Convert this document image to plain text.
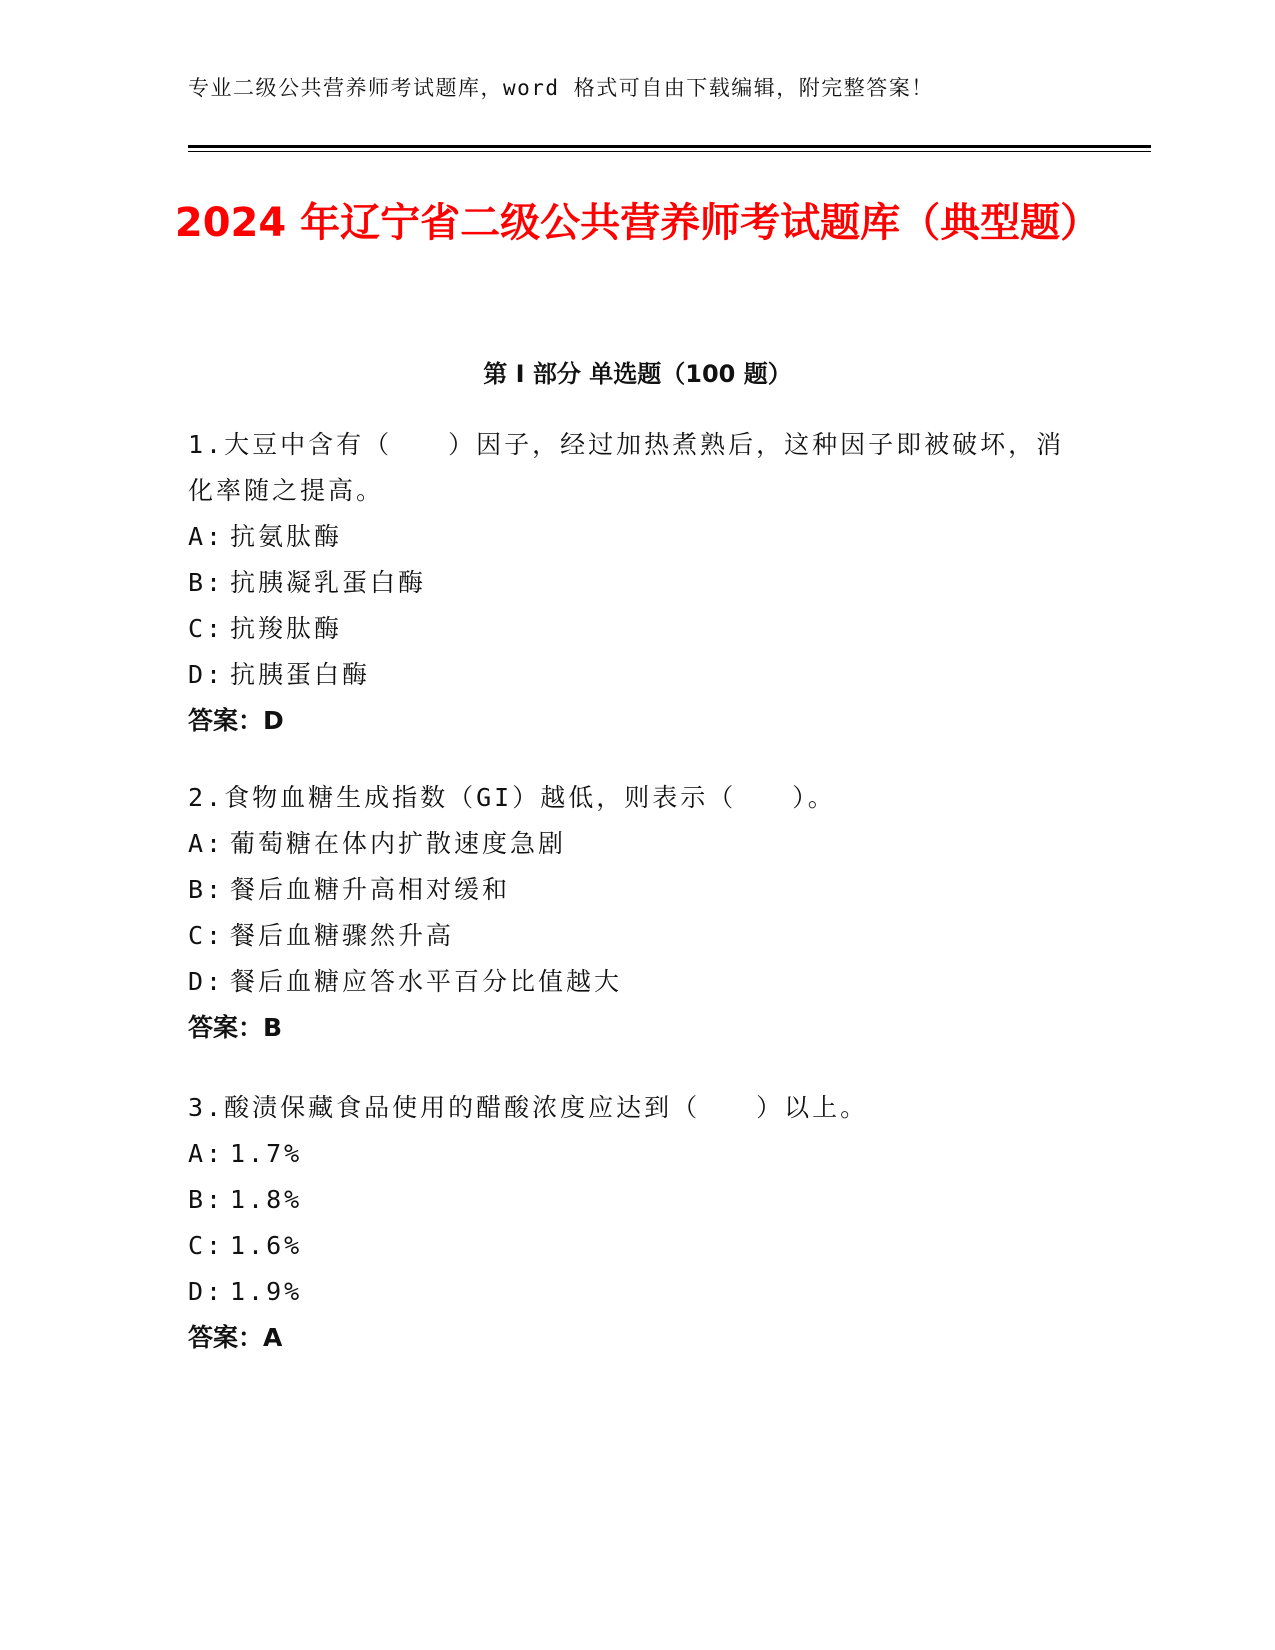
专业二级公共营养师考试题库，word 格式可自由下载编辑，附完整答案！
2024 年辽宁省二级公共营养师考试题库（典型题）
第 I 部分 单选题（100 题）

1.大豆中含有（　　）因子，经过加热煮熟后，这种因子即被破坏，消化率随之提高。

A: 抗氨肽酶
B: 抗胰凝乳蛋白酶
C: 抗羧肽酶
D: 抗胰蛋白酶
答案：D

2.食物血糖生成指数（GI）越低，则表示（　　）。

A: 葡萄糖在体内扩散速度急剧
B: 餐后血糖升高相对缓和
C: 餐后血糖骤然升高
D: 餐后血糖应答水平百分比值越大
答案：B

3.酸渍保藏食品使用的醋酸浓度应达到（　　）以上。

A: 1.7%
B: 1.8%
C: 1.6%
D: 1.9%
答案：A
